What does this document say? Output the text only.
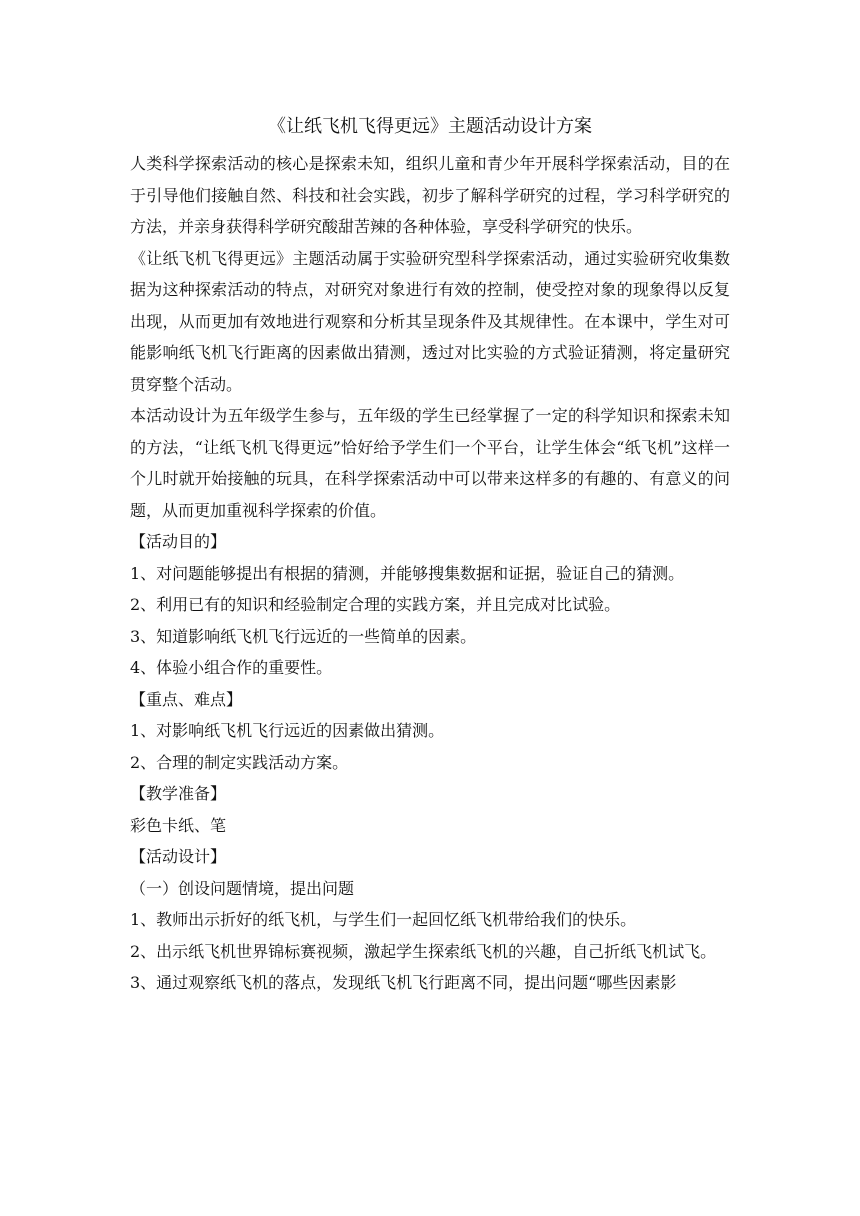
《让纸飞机飞得更远》主题活动设计方案

人类科学探索活动的核心是探索未知，组织儿童和青少年开展科学探索活动，目的在于引导他们接触自然、科技和社会实践，初步了解科学研究的过程，学习科学研究的方法，并亲身获得科学研究酸甜苦辣的各种体验，享受科学研究的快乐。

《让纸飞机飞得更远》主题活动属于实验研究型科学探索活动，通过实验研究收集数据为这种探索活动的特点，对研究对象进行有效的控制，使受控对象的现象得以反复出现，从而更加有效地进行观察和分析其呈现条件及其规律性。在本课中，学生对可能影响纸飞机飞行距离的因素做出猜测，透过对比实验的方式验证猜测，将定量研究贯穿整个活动。

本活动设计为五年级学生参与，五年级的学生已经掌握了一定的科学知识和探索未知的方法，“让纸飞机飞得更远”恰好给予学生们一个平台，让学生体会“纸飞机”这样一个儿时就开始接触的玩具，在科学探索活动中可以带来这样多的有趣的、有意义的问题，从而更加重视科学探索的价值。

【活动目的】

1、对问题能够提出有根据的猜测，并能够搜集数据和证据，验证自己的猜测。

2、利用已有的知识和经验制定合理的实践方案，并且完成对比试验。

3、知道影响纸飞机飞行远近的一些简单的因素。

4、体验小组合作的重要性。

【重点、难点】

1、对影响纸飞机飞行远近的因素做出猜测。

2、合理的制定实践活动方案。

【教学准备】

彩色卡纸、笔

【活动设计】

（一）创设问题情境，提出问题

1、教师出示折好的纸飞机，与学生们一起回忆纸飞机带给我们的快乐。

2、出示纸飞机世界锦标赛视频，激起学生探索纸飞机的兴趣，自己折纸飞机试飞。

3、通过观察纸飞机的落点，发现纸飞机飞行距离不同，提出问题“哪些因素影
